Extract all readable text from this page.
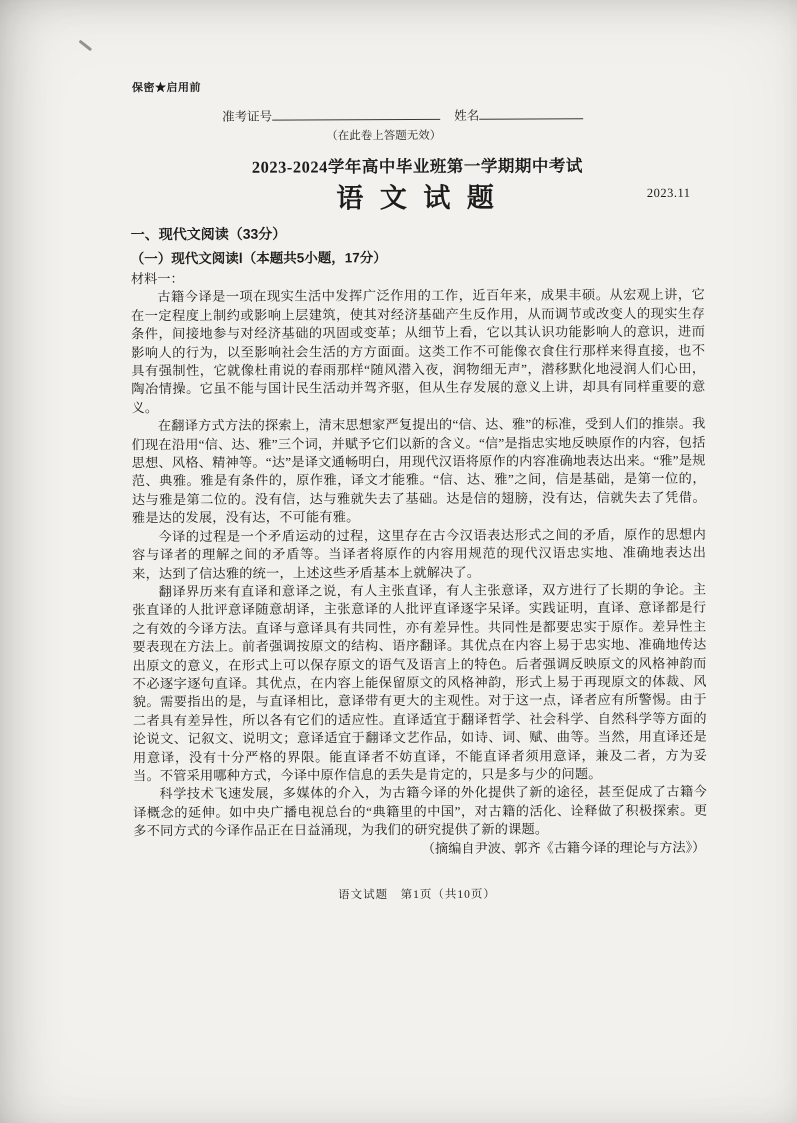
保密★启用前
准考证号	姓名
（在此卷上答题无效）
2023-2024学年高中毕业班第一学期期中考试
语 文 试 题	2023.11
一、现代文阅读（33分）
（一）现代文阅读Ⅰ（本题共5小题，17分）
材料一：

古籍今译是一项在现实生活中发挥广泛作用的工作，近百年来，成果丰硕。从宏观上讲，它在一定程度上制约或影响上层建筑，使其对经济基础产生反作用，从而调节或改变人的现实生存条件，间接地参与对经济基础的巩固或变革；从细节上看，它以其认识功能影响人的意识，进而影响人的行为，以至影响社会生活的方方面面。这类工作不可能像衣食住行那样来得直接，也不具有强制性，它就像杜甫说的春雨那样“随风潜入夜，润物细无声”，潜移默化地浸润人们心田，陶冶情操。它虽不能与国计民生活动并驾齐驱，但从生存发展的意义上讲，却具有同样重要的意义。

在翻译方式方法的探索上，清末思想家严复提出的“信、达、雅”的标准，受到人们的推崇。我们现在沿用“信、达、雅”三个词，并赋予它们以新的含义。“信”是指忠实地反映原作的内容，包括思想、风格、精神等。“达”是译文通畅明白，用现代汉语将原作的内容准确地表达出来。“雅”是规范、典雅。雅是有条件的，原作雅，译文才能雅。“信、达、雅”之间，信是基础，是第一位的，达与雅是第二位的。没有信，达与雅就失去了基础。达是信的翅膀，没有达，信就失去了凭借。雅是达的发展，没有达，不可能有雅。

今译的过程是一个矛盾运动的过程，这里存在古今汉语表达形式之间的矛盾，原作的思想内容与译者的理解之间的矛盾等。当译者将原作的内容用规范的现代汉语忠实地、准确地表达出来，达到了信达雅的统一，上述这些矛盾基本上就解决了。

翻译界历来有直译和意译之说，有人主张直译，有人主张意译，双方进行了长期的争论。主张直译的人批评意译随意胡译，主张意译的人批评直译逐字呆译。实践证明，直译、意译都是行之有效的今译方法。直译与意译具有共同性，亦有差异性。共同性是都要忠实于原作。差异性主要表现在方法上。前者强调按原文的结构、语序翻译。其优点在内容上易于忠实地、准确地传达出原文的意义，在形式上可以保存原文的语气及语言上的特色。后者强调反映原文的风格神韵而不必逐字逐句直译。其优点，在内容上能保留原文的风格神韵，形式上易于再现原文的体裁、风貌。需要指出的是，与直译相比，意译带有更大的主观性。对于这一点，译者应有所警惕。由于二者具有差异性，所以各有它们的适应性。直译适宜于翻译哲学、社会科学、自然科学等方面的论说文、记叙文、说明文；意译适宜于翻译文艺作品，如诗、词、赋、曲等。当然，用直译还是用意译，没有十分严格的界限。能直译者不妨直译，不能直译者须用意译，兼及二者，方为妥当。不管采用哪种方式，今译中原作信息的丢失是肯定的，只是多与少的问题。

科学技术飞速发展，多媒体的介入，为古籍今译的外化提供了新的途径，甚至促成了古籍今译概念的延伸。如中央广播电视总台的“典籍里的中国”，对古籍的活化、诠释做了积极探索。更多不同方式的今译作品正在日益涌现，为我们的研究提供了新的课题。

（摘编自尹波、郭齐《古籍今译的理论与方法》）
语文试题　第1页（共10页）
